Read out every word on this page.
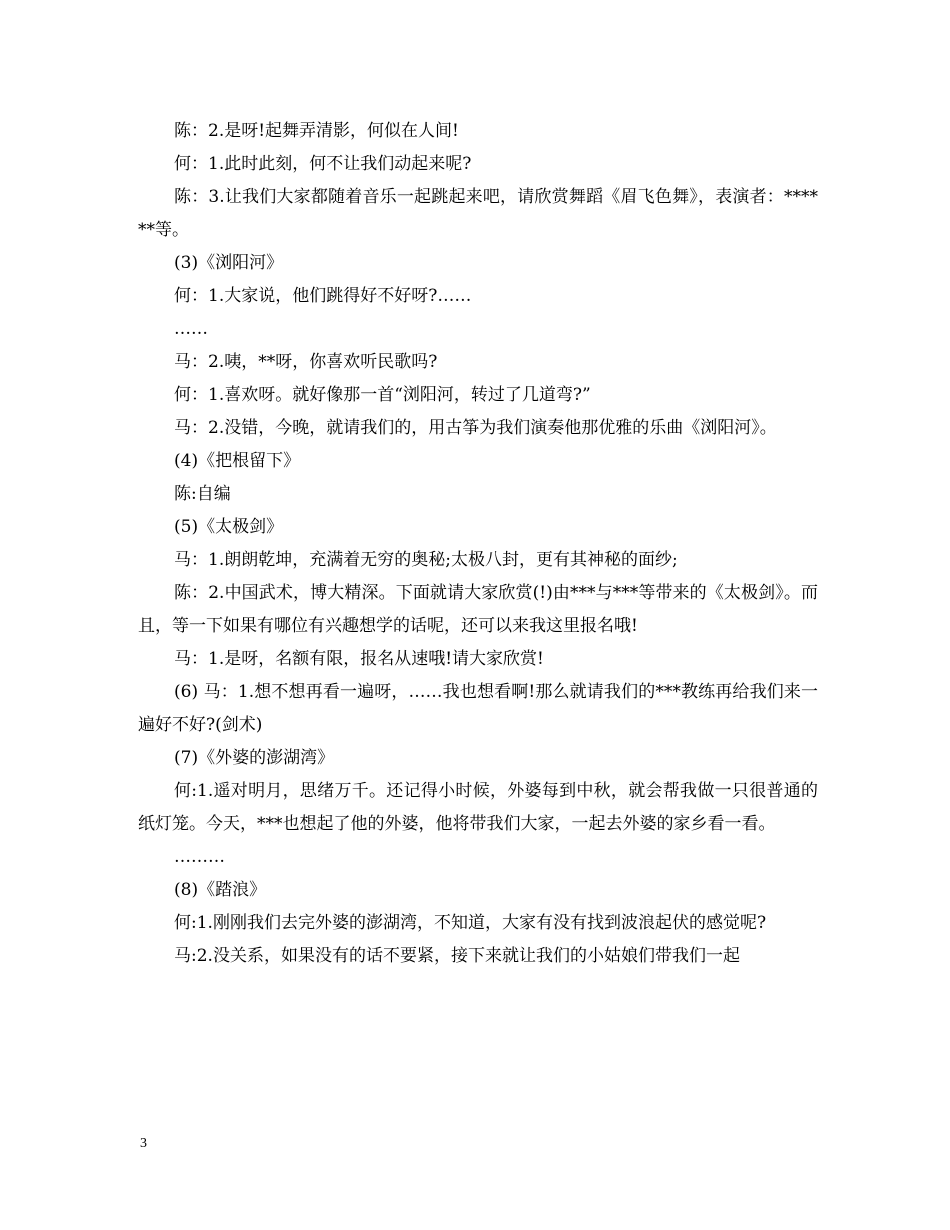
陈：2.是呀!起舞弄清影，何似在人间!

何：1.此时此刻，何不让我们动起来呢?

陈：3.让我们大家都随着音乐一起跳起来吧，请欣赏舞蹈《眉飞色舞》，表演者：******等。

(3)《浏阳河》

何：1.大家说，他们跳得好不好呀?……

……

马：2.咦，**呀，你喜欢听民歌吗?

何：1.喜欢呀。就好像那一首“浏阳河，转过了几道弯?”

马：2.没错，今晚，就请我们的，用古筝为我们演奏他那优雅的乐曲《浏阳河》。

(4)《把根留下》

陈:自编

(5)《太极剑》

马：1.朗朗乾坤，充满着无穷的奥秘;太极八封，更有其神秘的面纱;

陈：2.中国武术，博大精深。下面就请大家欣赏(!)由***与***等带来的《太极剑》。而且，等一下如果有哪位有兴趣想学的话呢，还可以来我这里报名哦!

马：1.是呀，名额有限，报名从速哦!请大家欣赏!

(6) 马：1.想不想再看一遍呀，……我也想看啊!那么就请我们的***教练再给我们来一遍好不好?(剑术)

(7)《外婆的澎湖湾》

何:1.遥对明月，思绪万千。还记得小时候，外婆每到中秋，就会帮我做一只很普通的纸灯笼。今天，***也想起了他的外婆，他将带我们大家，一起去外婆的家乡看一看。

………

(8)《踏浪》

何:1.刚刚我们去完外婆的澎湖湾，不知道，大家有没有找到波浪起伏的感觉呢?

马:2.没关系，如果没有的话不要紧，接下来就让我们的小姑娘们带我们一起

3
